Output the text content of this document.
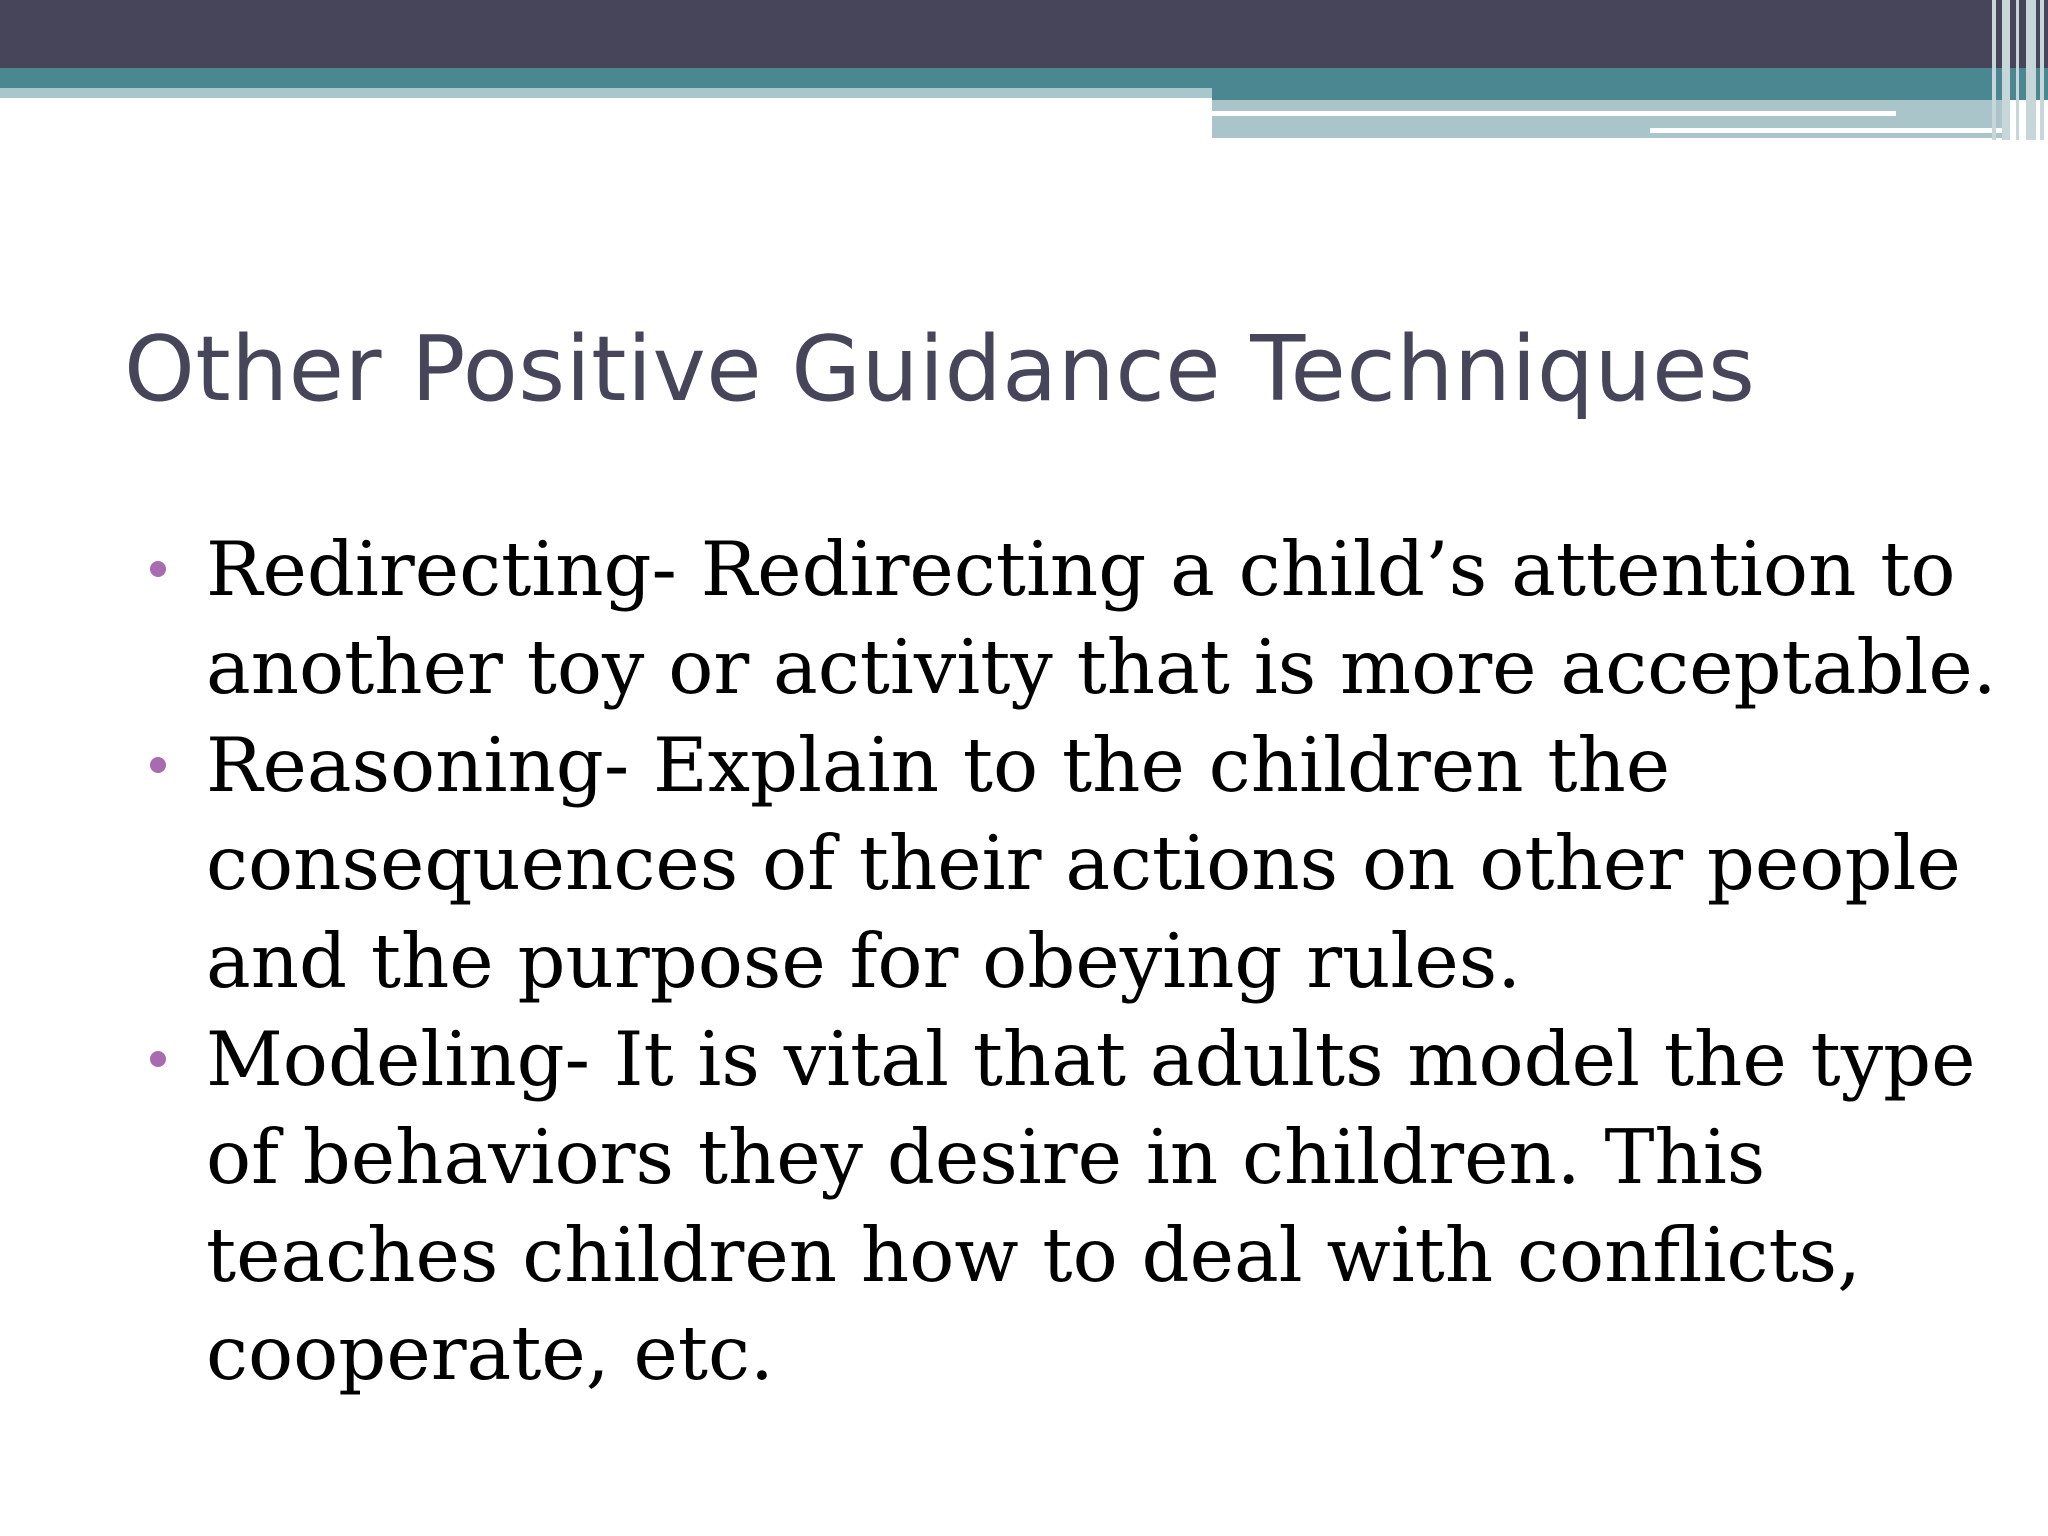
Other Positive Guidance Techniques
Redirecting- Redirecting a child’s attention to another toy or activity that is more acceptable.
Reasoning- Explain to the children the consequences of their actions on other people and the purpose for obeying rules.
Modeling- It is vital that adults model the type of behaviors they desire in children. This teaches children how to deal with conflicts, cooperate, etc.
